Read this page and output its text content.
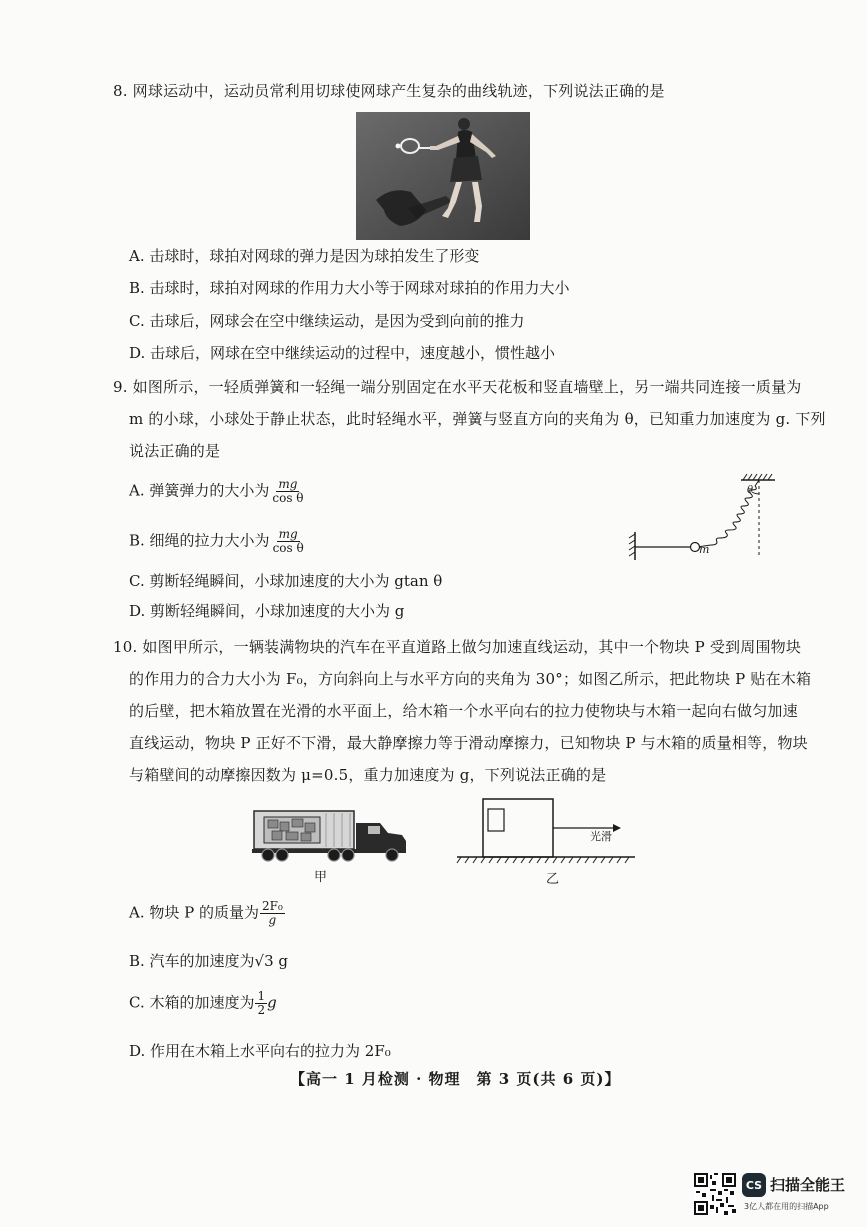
8. 网球运动中，运动员常利用切球使网球产生复杂的曲线轨迹，下列说法正确的是
A. 击球时，球拍对网球的弹力是因为球拍发生了形变
B. 击球时，球拍对网球的作用力大小等于网球对球拍的作用力大小
C. 击球后，网球会在空中继续运动，是因为受到向前的推力
D. 击球后，网球在空中继续运动的过程中，速度越小，惯性越小
9. 如图所示，一轻质弹簧和一轻绳一端分别固定在水平天花板和竖直墙壁上，另一端共同连接一质量为
m 的小球，小球处于静止状态，此时轻绳水平，弹簧与竖直方向的夹角为 θ，已知重力加速度为 g. 下列
说法正确的是
A. 弹簧弹力的大小为 $\frac{mg}{\text{cos θ}}$
B. 细绳的拉力大小为 $\frac{mg}{\text{cos θ}}$
C. 剪断轻绳瞬间，小球加速度的大小为 gtan θ
D. 剪断轻绳瞬间，小球加速度的大小为 g
m
θ
10. 如图甲所示，一辆装满物块的汽车在平直道路上做匀加速直线运动，其中一个物块 P 受到周围物块
的作用力的合力大小为 F₀，方向斜向上与水平方向的夹角为 30°；如图乙所示，把此物块 P 贴在木箱
的后壁，把木箱放置在光滑的水平面上，给木箱一个水平向右的拉力使物块与木箱一起向右做匀加速
直线运动，物块 P 正好不下滑，最大静摩擦力等于滑动摩擦力，已知物块 P 与木箱的质量相等，物块
与箱壁间的动摩擦因数为 μ=0.5，重力加速度为 g，下列说法正确的是
甲
光滑
乙
A. 物块 P 的质量为 $\frac{\text{2F₀}}{g}$
B. 汽车的加速度为√3 g
C. 木箱的加速度为 $\frac{1}{2}$ g
D. 作用在木箱上水平向右的拉力为 2F₀
【高一 1 月检测 · 物理　第 3 页(共 6 页)】
CS 扫描全能王
3亿人都在用的扫描App
